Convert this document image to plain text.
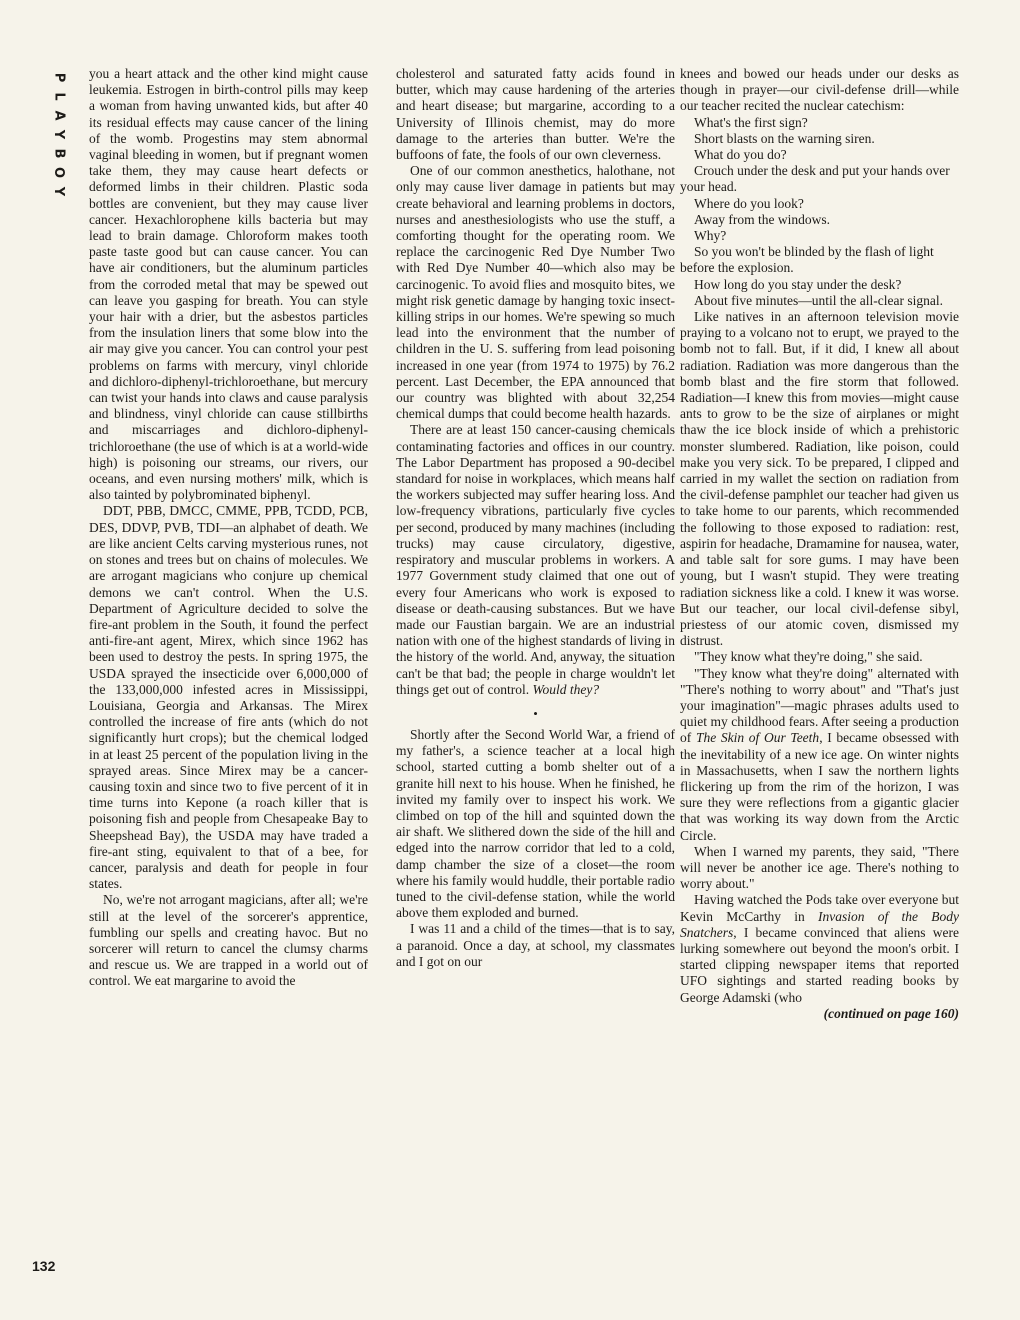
P
L
A
Y
B
O
Y
132

you a heart attack and the other kind might cause leukemia. Estrogen in birth-control pills may keep a woman from having unwanted kids, but after 40 its residual effects may cause cancer of the lining of the womb. Progestins may stem abnormal vaginal bleeding in women, but if pregnant women take them, they may cause heart defects or deformed limbs in their children. Plastic soda bottles are convenient, but they may cause liver cancer. Hexachlorophene kills bacteria but may lead to brain damage. Chloroform makes tooth paste taste good but can cause cancer. You can have air conditioners, but the aluminum particles from the corroded metal that may be spewed out can leave you gasping for breath. You can style your hair with a drier, but the asbestos particles from the insulation liners that some blow into the air may give you cancer. You can control your pest problems on farms with mercury, vinyl chloride and dichloro-diphenyl-trichloroethane, but mercury can twist your hands into claws and cause paralysis and blindness, vinyl chloride can cause stillbirths and miscarriages and dichloro-diphenyl-trichloroethane (the use of which is at a world-wide high) is poisoning our streams, our rivers, our oceans, and even nursing mothers' milk, which is also tainted by polybrominated biphenyl.

DDT, PBB, DMCC, CMME, PPB, TCDD, PCB, DES, DDVP, PVB, TDI—an alphabet of death. We are like ancient Celts carving mysterious runes, not on stones and trees but on chains of molecules. We are arrogant magicians who conjure up chemical demons we can't control. When the U.S. Department of Agriculture decided to solve the fire-ant problem in the South, it found the perfect anti-fire-ant agent, Mirex, which since 1962 has been used to destroy the pests. In spring 1975, the USDA sprayed the insecticide over 6,000,000 of the 133,000,000 infested acres in Mississippi, Louisiana, Georgia and Arkansas. The Mirex controlled the increase of fire ants (which do not significantly hurt crops); but the chemical lodged in at least 25 percent of the population living in the sprayed areas. Since Mirex may be a cancer-causing toxin and since two to five percent of it in time turns into Kepone (a roach killer that is poisoning fish and people from Chesapeake Bay to Sheepshead Bay), the USDA may have traded a fire-ant sting, equivalent to that of a bee, for cancer, paralysis and death for people in four states.

No, we're not arrogant magicians, after all; we're still at the level of the sorcerer's apprentice, fumbling our spells and creating havoc. But no sorcerer will return to cancel the clumsy charms and rescue us. We are trapped in a world out of control. We eat margarine to avoid the

cholesterol and saturated fatty acids found in butter, which may cause hardening of the arteries and heart disease; but margarine, according to a University of Illinois chemist, may do more damage to the arteries than butter. We're the buffoons of fate, the fools of our own cleverness.

One of our common anesthetics, halothane, not only may cause liver damage in patients but may create behavioral and learning problems in doctors, nurses and anesthesiologists who use the stuff, a comforting thought for the operating room. We replace the carcinogenic Red Dye Number Two with Red Dye Number 40—which also may be carcinogenic. To avoid flies and mosquito bites, we might risk genetic damage by hanging toxic insect-killing strips in our homes. We're spewing so much lead into the environment that the number of children in the U. S. suffering from lead poisoning increased in one year (from 1974 to 1975) by 76.2 percent. Last December, the EPA announced that our country was blighted with about 32,254 chemical dumps that could become health hazards.

There are at least 150 cancer-causing chemicals contaminating factories and offices in our country. The Labor Department has proposed a 90-decibel standard for noise in workplaces, which means half the workers subjected may suffer hearing loss. And low-frequency vibrations, particularly five cycles per second, produced by many machines (including trucks) may cause circulatory, digestive, respiratory and muscular problems in workers. A 1977 Government study claimed that one out of every four Americans who work is exposed to disease or death-causing substances. But we have made our Faustian bargain. We are an industrial nation with one of the highest standards of living in the history of the world. And, anyway, the situation can't be that bad; the people in charge wouldn't let things get out of control. Would they?

•

Shortly after the Second World War, a friend of my father's, a science teacher at a local high school, started cutting a bomb shelter out of a granite hill next to his house. When he finished, he invited my family over to inspect his work. We climbed on top of the hill and squinted down the air shaft. We slithered down the side of the hill and edged into the narrow corridor that led to a cold, damp chamber the size of a closet—the room where his family would huddle, their portable radio tuned to the civil-defense station, while the world above them exploded and burned.

I was 11 and a child of the times—that is to say, a paranoid. Once a day, at school, my classmates and I got on our

knees and bowed our heads under our desks as though in prayer—our civil-defense drill—while our teacher recited the nuclear catechism:

What's the first sign?

Short blasts on the warning siren.

What do you do?

Crouch under the desk and put your hands over your head.

Where do you look?

Away from the windows.

Why?

So you won't be blinded by the flash of light before the explosion.

How long do you stay under the desk?

About five minutes—until the all-clear signal.

Like natives in an afternoon television movie praying to a volcano not to erupt, we prayed to the bomb not to fall. But, if it did, I knew all about radiation. Radiation was more dangerous than the bomb blast and the fire storm that followed. Radiation—I knew this from movies—might cause ants to grow to be the size of airplanes or might thaw the ice block inside of which a prehistoric monster slumbered. Radiation, like poison, could make you very sick. To be prepared, I clipped and carried in my wallet the section on radiation from the civil-defense pamphlet our teacher had given us to take home to our parents, which recommended the following to those exposed to radiation: rest, aspirin for headache, Dramamine for nausea, water, and table salt for sore gums. I may have been young, but I wasn't stupid. They were treating radiation sickness like a cold. I knew it was worse. But our teacher, our local civil-defense sibyl, priestess of our atomic coven, dismissed my distrust.

"They know what they're doing," she said.

"They know what they're doing" alternated with "There's nothing to worry about" and "That's just your imagination"—magic phrases adults used to quiet my childhood fears. After seeing a production of The Skin of Our Teeth, I became obsessed with the inevitability of a new ice age. On winter nights in Massachusetts, when I saw the northern lights flickering up from the rim of the horizon, I was sure they were reflections from a gigantic glacier that was working its way down from the Arctic Circle.

When I warned my parents, they said, "There will never be another ice age. There's nothing to worry about."

Having watched the Pods take over everyone but Kevin McCarthy in Invasion of the Body Snatchers, I became convinced that aliens were lurking somewhere out beyond the moon's orbit. I started clipping newspaper items that reported UFO sightings and started reading books by George Adamski (who

(continued on page 160)
